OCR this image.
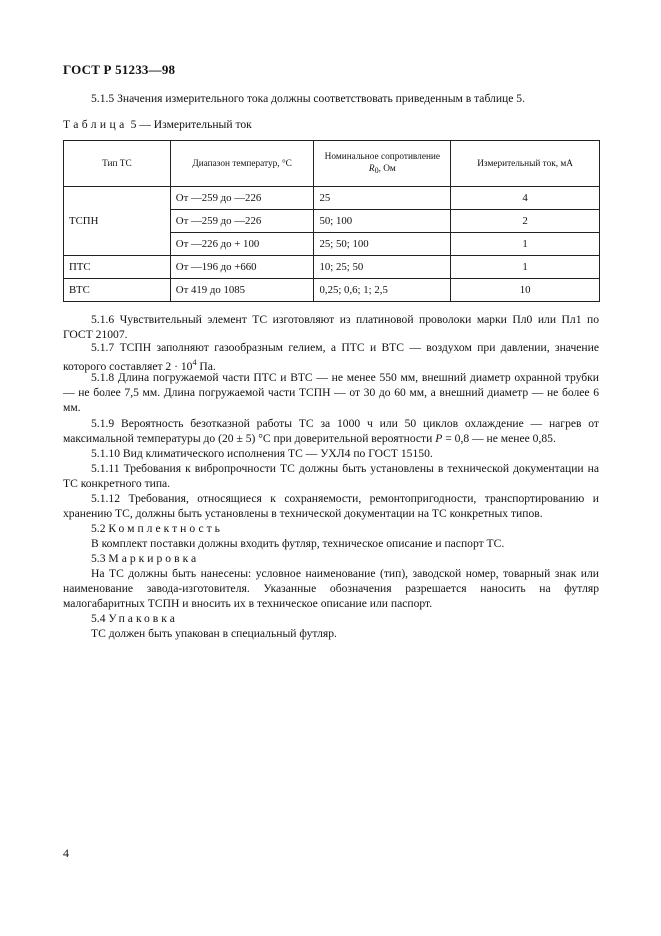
ГОСТ Р 51233—98
5.1.5 Значения измерительного тока должны соответствовать приведенным в таблице 5.
Таблица 5 — Измерительный ток
Тип ТС	Диапазон температур, °С	Номинальное сопротивление
R0, Ом	Измерительный ток, мА
ТСПН	От —259 до —226	25	4
	От —259 до —226	50; 100	2
	От —226 до + 100	25; 50; 100	1
ПТС	От —196 до +660	10; 25; 50	1
ВТС	От 419 до 1085	0,25; 0,6; 1; 2,5	10
5.1.6 Чувствительный элемент ТС изготовляют из платиновой проволоки марки Пл0 или Пл1 по ГОСТ 21007.
5.1.7 ТСПН заполняют газообразным гелием, а ПТС и ВТС — воздухом при давлении, значение которого составляет $2 \cdot 10^4$ Па.
5.1.8 Длина погружаемой части ПТС и ВТС — не менее 550 мм, внешний диаметр охранной трубки — не более 7,5 мм. Длина погружаемой части ТСПН — от 30 до 60 мм, а внешний диаметр — не более 6 мм.
5.1.9 Вероятность безотказной работы ТС за 1000 ч или 50 циклов охлаждение — нагрев от максимальной температуры до (20 ± 5) °С при доверительной вероятности P = 0,8 — не менее 0,85.
5.1.10 Вид климатического исполнения ТС — УХЛ4 по ГОСТ 15150.
5.1.11 Требования к вибропрочности ТС должны быть установлены в технической документации на ТС конкретного типа.
5.1.12 Требования, относящиеся к сохраняемости, ремонтопригодности, транспортированию и хранению ТС, должны быть установлены в технической документации на ТС конкретных типов.
5.2 Комплектность
В комплект поставки должны входить футляр, техническое описание и паспорт ТС.
5.3 Маркировка
На ТС должны быть нанесены: условное наименование (тип), заводской номер, товарный знак или наименование завода-изготовителя. Указанные обозначения разрешается наносить на футляр малогабаритных ТСПН и вносить их в техническое описание или паспорт.
5.4 Упаковка
ТС должен быть упакован в специальный футляр.
4
